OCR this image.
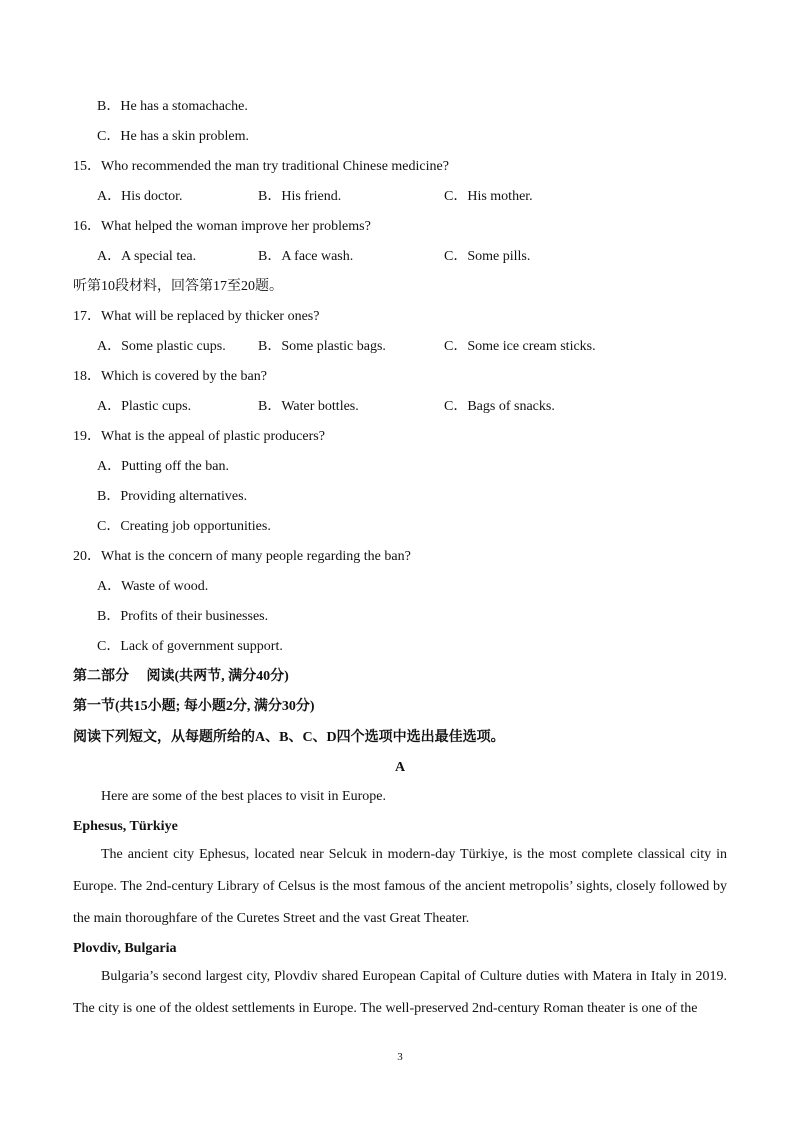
B．He has a stomachache.
C．He has a skin problem.
15．Who recommended the man try traditional Chinese medicine?
A．His doctor.	B．His friend.	C．His mother.
16．What helped the woman improve her problems?
A．A special tea.	B．A face wash.	C．Some pills.
听第10段材料，回答第17至20题。
17．What will be replaced by thicker ones?
A．Some plastic cups. B．Some plastic bags.	C．Some ice cream sticks.
18．Which is covered by the ban?
A．Plastic cups.	B．Water bottles.	C．Bags of snacks.
19．What is the appeal of plastic producers?
A．Putting off the ban.
B．Providing alternatives.
C．Creating job opportunities.
20．What is the concern of many people regarding the ban?
A．Waste of wood.
B．Profits of their businesses.
C．Lack of government support.
第二部分　 阅读(共两节, 满分40分)
第一节(共15小题; 每小题2分, 满分30分)
阅读下列短文，从每题所给的A、B、C、D四个选项中选出最佳选项。
A
Here are some of the best places to visit in Europe.
Ephesus, Türkiye
The ancient city Ephesus, located near Selcuk in modern-day Türkiye, is the most complete classical city in Europe. The 2nd-century Library of Celsus is the most famous of the ancient metropolis’ sights, closely followed by the main thoroughfare of the Curetes Street and the vast Great Theater.
Plovdiv, Bulgaria
Bulgaria’s second largest city, Plovdiv shared European Capital of Culture duties with Matera in Italy in 2019. The city is one of the oldest settlements in Europe. The well-preserved 2nd-century Roman theater is one of the
3
